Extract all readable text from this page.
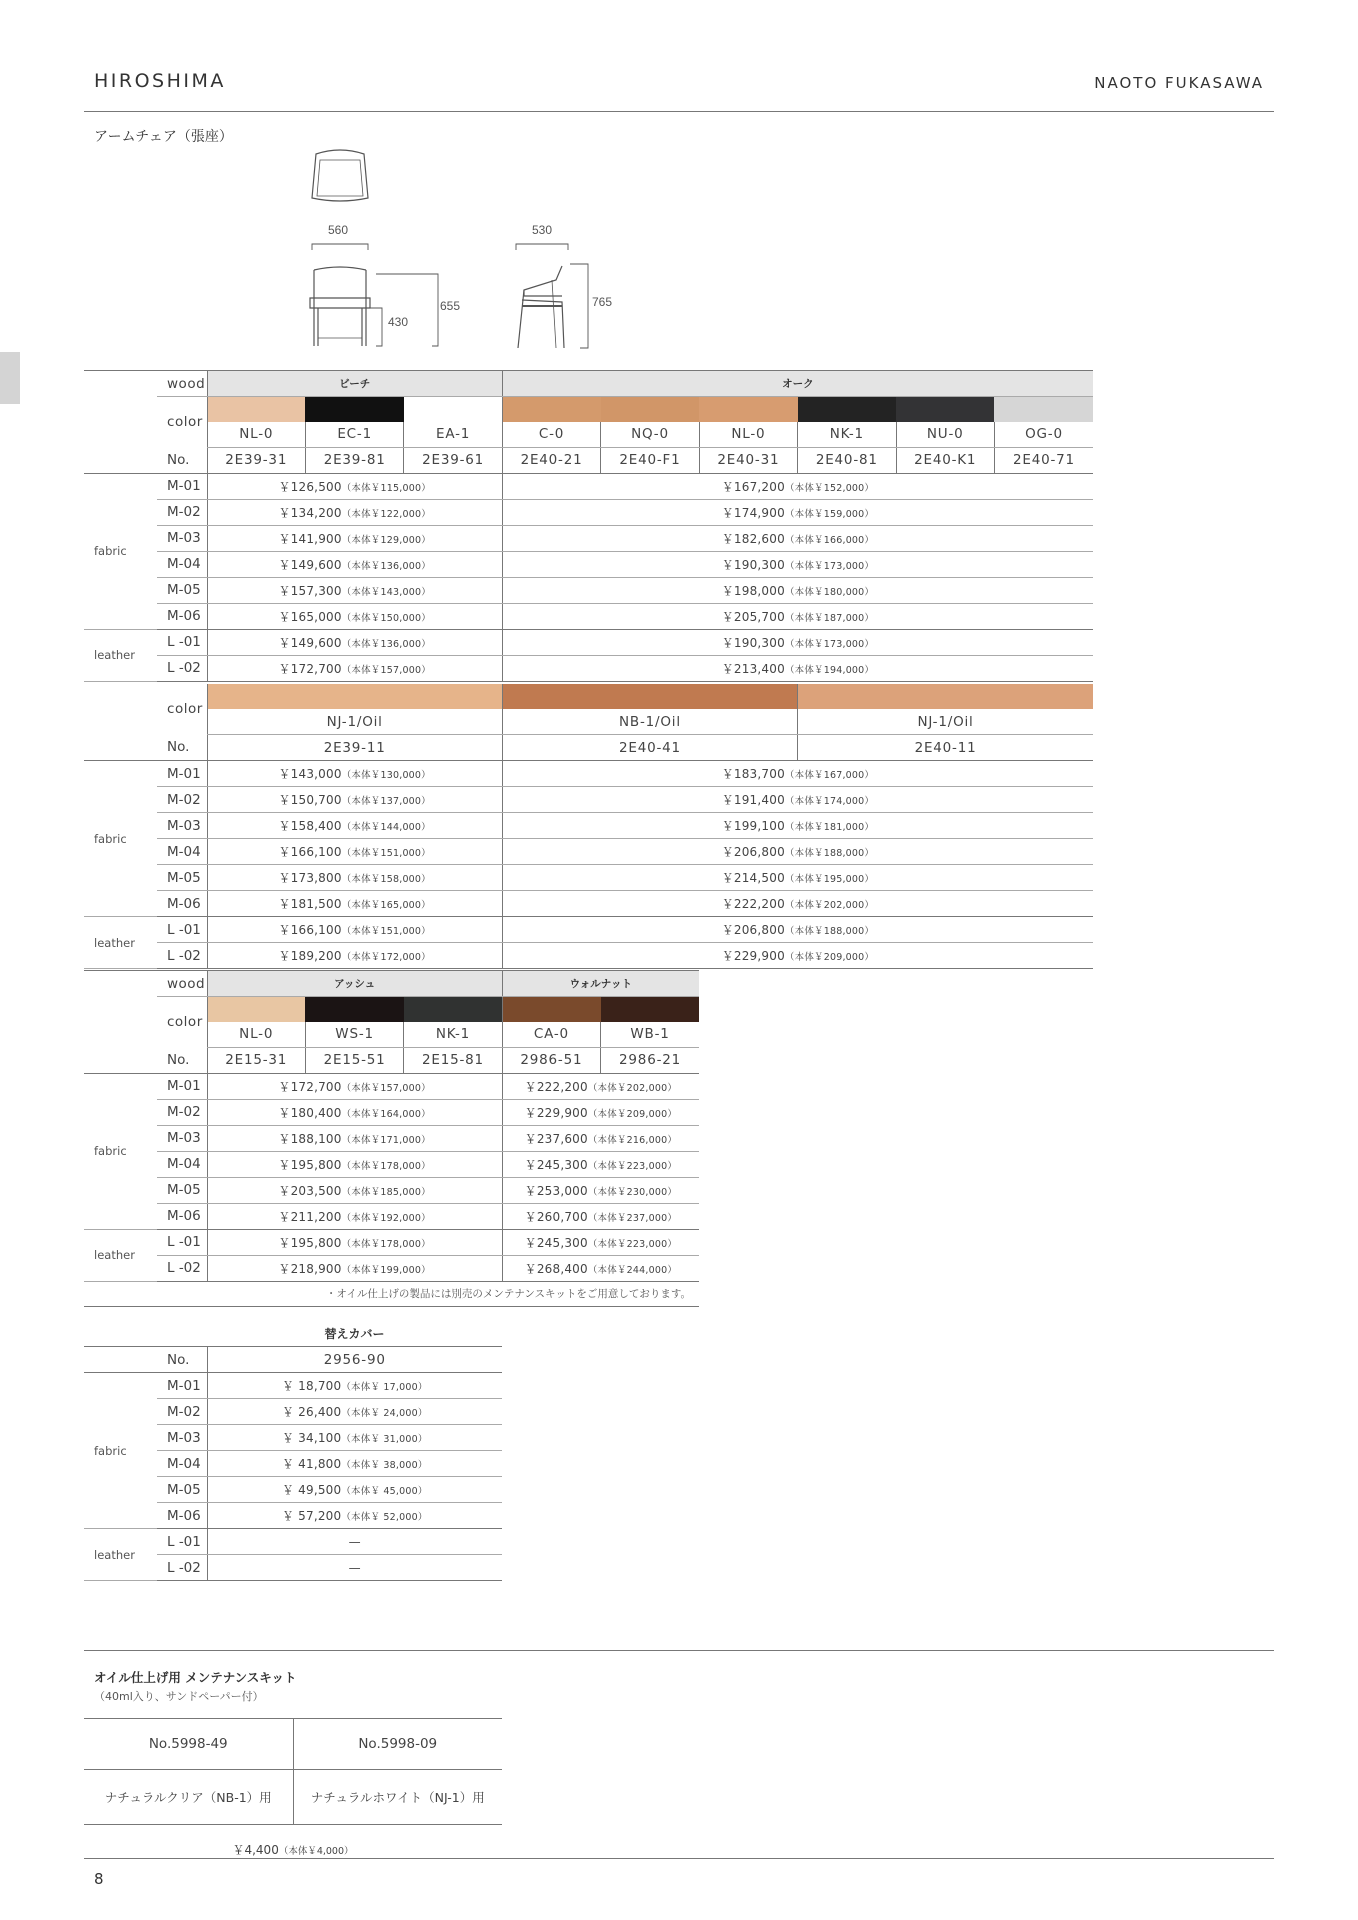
HIROSHIMA	NAOTO FUKASAWA
アームチェア（張座）
560	530
430
655	765
	wood	ビーチ			オーク					
	color									
		NL-0	EC-1	EA-1	C-0	NQ-0	NL-0	NK-1	NU-0	OG-0
	No.	2E39-31	2E39-81	2E39-61	2E40-21	2E40-F1	2E40-31	2E40-81	2E40-K1	2E40-71
fabric	M-01	￥126,500（本体￥115,000）			￥167,200（本体￥152,000）					
	M-02	￥134,200（本体￥122,000）			￥174,900（本体￥159,000）					
	M-03	￥141,900（本体￥129,000）			￥182,600（本体￥166,000）					
	M-04	￥149,600（本体￥136,000）			￥190,300（本体￥173,000）					
	M-05	￥157,300（本体￥143,000）			￥198,000（本体￥180,000）					
	M-06	￥165,000（本体￥150,000）			￥205,700（本体￥187,000）					
leather	L -01	￥149,600（本体￥136,000）			￥190,300（本体￥173,000）					
	L -02	￥172,700（本体￥157,000）			￥213,400（本体￥194,000）					
	color			
		NJ-1/Oil	NB-1/Oil	NJ-1/Oil
	No.	2E39-11	2E40-41	2E40-11
fabric	M-01	￥143,000（本体￥130,000）	￥183,700（本体￥167,000）	
	M-02	￥150,700（本体￥137,000）	￥191,400（本体￥174,000）	
	M-03	￥158,400（本体￥144,000）	￥199,100（本体￥181,000）	
	M-04	￥166,100（本体￥151,000）	￥206,800（本体￥188,000）	
	M-05	￥173,800（本体￥158,000）	￥214,500（本体￥195,000）	
	M-06	￥181,500（本体￥165,000）	￥222,200（本体￥202,000）	
leather	L -01	￥166,100（本体￥151,000）	￥206,800（本体￥188,000）	
	L -02	￥189,200（本体￥172,000）	￥229,900（本体￥209,000）	
	wood	アッシュ			ウォルナット	
	color					
		NL-0	WS-1	NK-1	CA-0	WB-1
	No.	2E15-31	2E15-51	2E15-81	2986-51	2986-21
fabric	M-01	￥172,700（本体￥157,000）			￥222,200（本体￥202,000）	
	M-02	￥180,400（本体￥164,000）			￥229,900（本体￥209,000）	
	M-03	￥188,100（本体￥171,000）			￥237,600（本体￥216,000）	
	M-04	￥195,800（本体￥178,000）			￥245,300（本体￥223,000）	
	M-05	￥203,500（本体￥185,000）			￥253,000（本体￥230,000）	
	M-06	￥211,200（本体￥192,000）			￥260,700（本体￥237,000）	
leather	L -01	￥195,800（本体￥178,000）			￥245,300（本体￥223,000）	
	L -02	￥218,900（本体￥199,000）			￥268,400（本体￥244,000）	
・オイル仕上げの製品には別売のメンテナンスキットをご用意しております。						
		替えカバー
	No.	2956-90
fabric	M-01	￥ 18,700（本体￥ 17,000）
	M-02	￥ 26,400（本体￥ 24,000）
	M-03	￥ 34,100（本体￥ 31,000）
	M-04	￥ 41,800（本体￥ 38,000）
	M-05	￥ 49,500（本体￥ 45,000）
	M-06	￥ 57,200（本体￥ 52,000）
leather	L -01	—
	L -02	—
オイル仕上げ用 メンテナンスキット
（40ml入り、サンドペーパー付）
No.5998-49	No.5998-09
ナチュラルクリア（NB-1）用	ナチュラルホワイト（NJ-1）用
￥4,400（本体￥4,000）	
8
